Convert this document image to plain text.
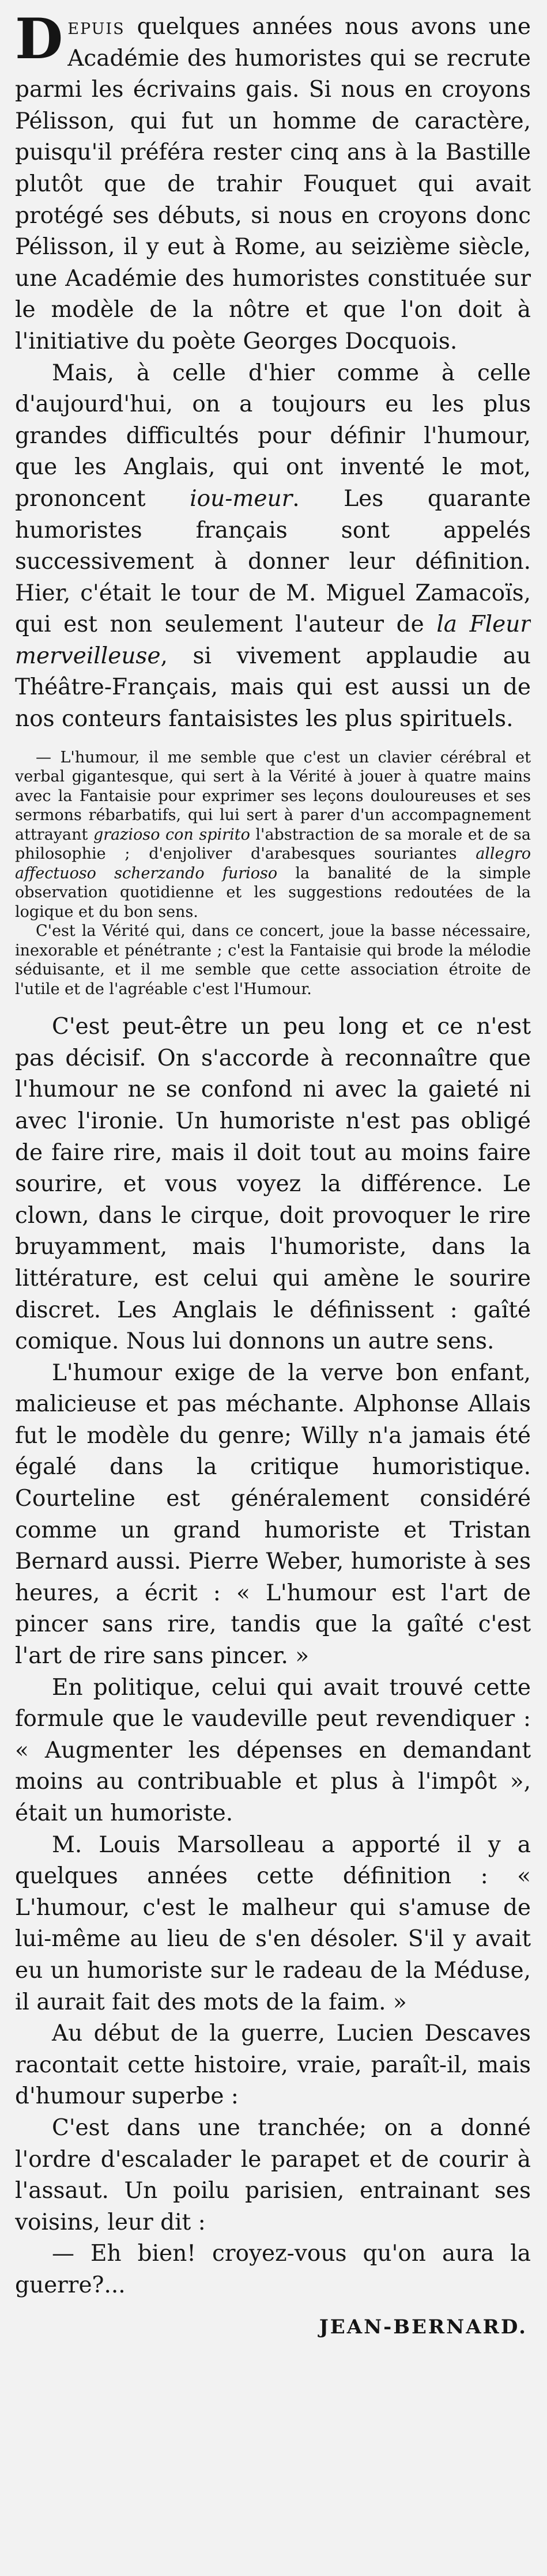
Depuis quelques années nous avons une Académie des humoristes qui se recrute parmi les écrivains gais. Si nous en croyons Pélisson, qui fut un homme de caractère, puisqu'il préféra rester cinq ans à la Bastille plutôt que de trahir Fouquet qui avait protégé ses débuts, si nous en croyons donc Pélisson, il y eut à Rome, au seizième siècle, une Académie des humoristes constituée sur le modèle de la nôtre et que l'on doit à l'initiative du poète Georges Docquois.

Mais, à celle d'hier comme à celle d'aujourd'hui, on a toujours eu les plus grandes difficultés pour définir l'humour, que les Anglais, qui ont inventé le mot, prononcent iou-meur. Les quarante humoristes français sont appelés successivement à donner leur définition. Hier, c'était le tour de M. Miguel Zamacoïs, qui est non seulement l'auteur de la Fleur merveilleuse, si vivement applaudie au Théâtre-Français, mais qui est aussi un de nos conteurs fantaisistes les plus spirituels.

— L'humour, il me semble que c'est un clavier cérébral et verbal gigantesque, qui sert à la Vérité à jouer à quatre mains avec la Fantaisie pour exprimer ses leçons douloureuses et ses sermons rébarbatifs, qui lui sert à parer d'un accompagnement attrayant grazioso con spirito l'abstraction de sa morale et de sa philosophie ; d'enjoliver d'arabesques souriantes allegro affectuoso scherzando furioso la banalité de la simple observation quotidienne et les suggestions redoutées de la logique et du bon sens.

C'est la Vérité qui, dans ce concert, joue la basse nécessaire, inexorable et pénétrante ; c'est la Fantaisie qui brode la mélodie séduisante, et il me semble que cette association étroite de l'utile et de l'agréable c'est l'Humour.

C'est peut-être un peu long et ce n'est pas décisif. On s'accorde à reconnaître que l'humour ne se confond ni avec la gaieté ni avec l'ironie. Un humoriste n'est pas obligé de faire rire, mais il doit tout au moins faire sourire, et vous voyez la différence. Le clown, dans le cirque, doit provoquer le rire bruyamment, mais l'humoriste, dans la littérature, est celui qui amène le sourire discret. Les Anglais le définissent : gaîté comique. Nous lui donnons un autre sens.

L'humour exige de la verve bon enfant, malicieuse et pas méchante. Alphonse Allais fut le modèle du genre; Willy n'a jamais été égalé dans la critique humoristique. Courteline est généralement considéré comme un grand humoriste et Tristan Bernard aussi. Pierre Weber, humoriste à ses heures, a écrit : « L'humour est l'art de pincer sans rire, tandis que la gaîté c'est l'art de rire sans pincer. »

En politique, celui qui avait trouvé cette formule que le vaudeville peut revendiquer : « Augmenter les dépenses en demandant moins au contribuable et plus à l'impôt », était un humoriste.

M. Louis Marsolleau a apporté il y a quelques années cette définition : « L'humour, c'est le malheur qui s'amuse de lui-même au lieu de s'en désoler. S'il y avait eu un humoriste sur le radeau de la Méduse, il aurait fait des mots de la faim. »

Au début de la guerre, Lucien Descaves racontait cette histoire, vraie, paraît-il, mais d'humour superbe :

C'est dans une tranchée; on a donné l'ordre d'escalader le parapet et de courir à l'assaut. Un poilu parisien, entrainant ses voisins, leur dit :

— Eh bien! croyez-vous qu'on aura la guerre?...

JEAN-BERNARD.
